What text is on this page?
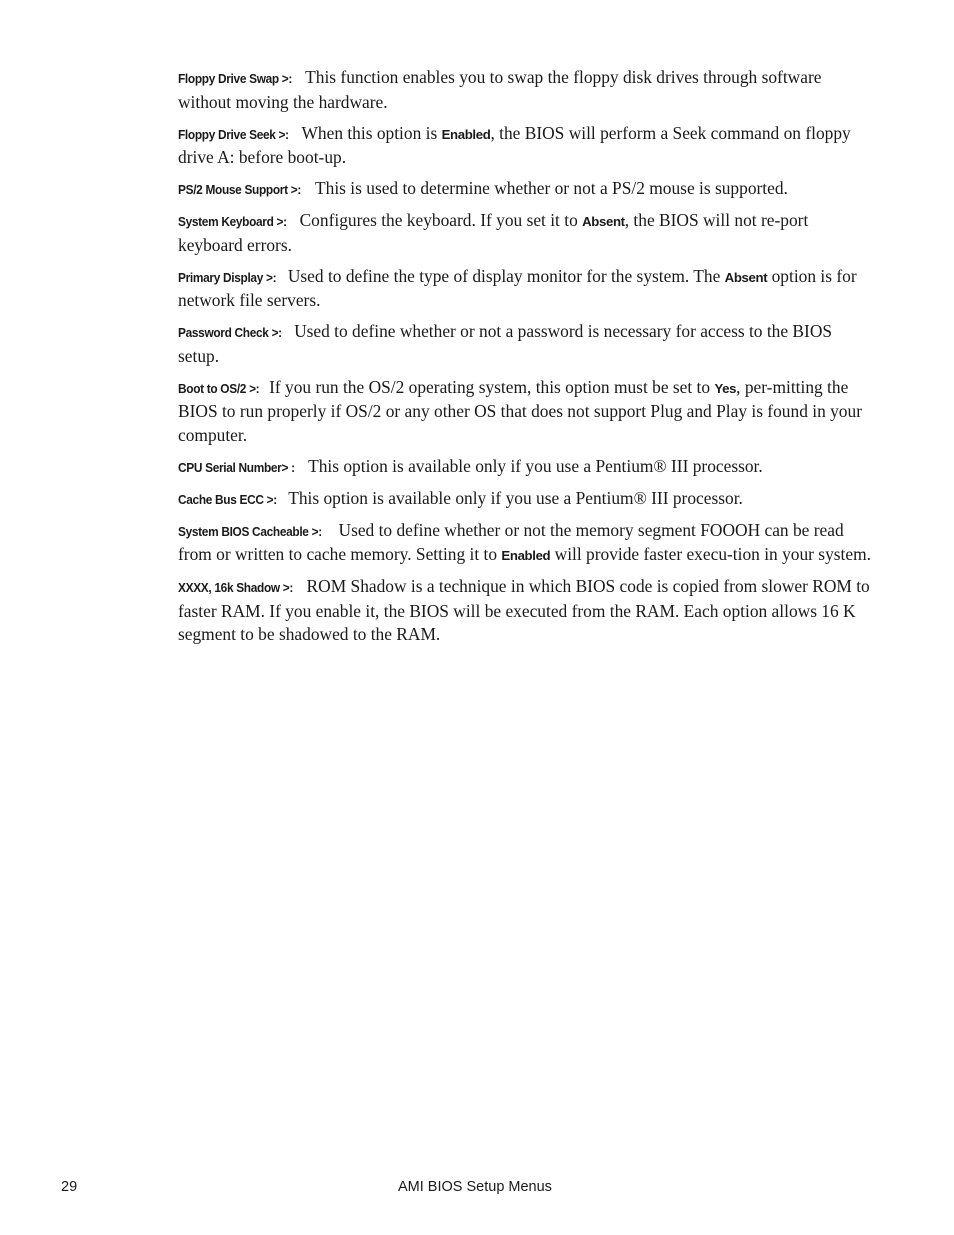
Floppy Drive Swap >: This function enables you to swap the floppy disk drives through software without moving the hardware.

Floppy Drive Seek >: When this option is Enabled, the BIOS will perform a Seek command on floppy drive A: before boot-up.

PS/2 Mouse Support >: This is used to determine whether or not a PS/2 mouse is supported.

System Keyboard >: Configures the keyboard. If you set it to Absent, the BIOS will not re-port keyboard errors.

Primary Display >: Used to define the type of display monitor for the system. The Absent option is for network file servers.

Password Check >: Used to define whether or not a password is necessary for access to the BIOS setup.

Boot to OS/2 >: If you run the OS/2 operating system, this option must be set to Yes, per-mitting the BIOS to run properly if OS/2 or any other OS that does not support Plug and Play is found in your computer.

CPU Serial Number> : This option is available only if you use a Pentium® III processor.

Cache Bus ECC >: This option is available only if you use a Pentium® III processor.

System BIOS Cacheable >: Used to define whether or not the memory segment FOOOH can be read from or written to cache memory. Setting it to Enabled will provide faster execu-tion in your system.

XXXX, 16k Shadow >: ROM Shadow is a technique in which BIOS code is copied from slower ROM to faster RAM. If you enable it, the BIOS will be executed from the RAM. Each option allows 16 K segment to be shadowed to the RAM.

29	AMI BIOS Setup Menus
